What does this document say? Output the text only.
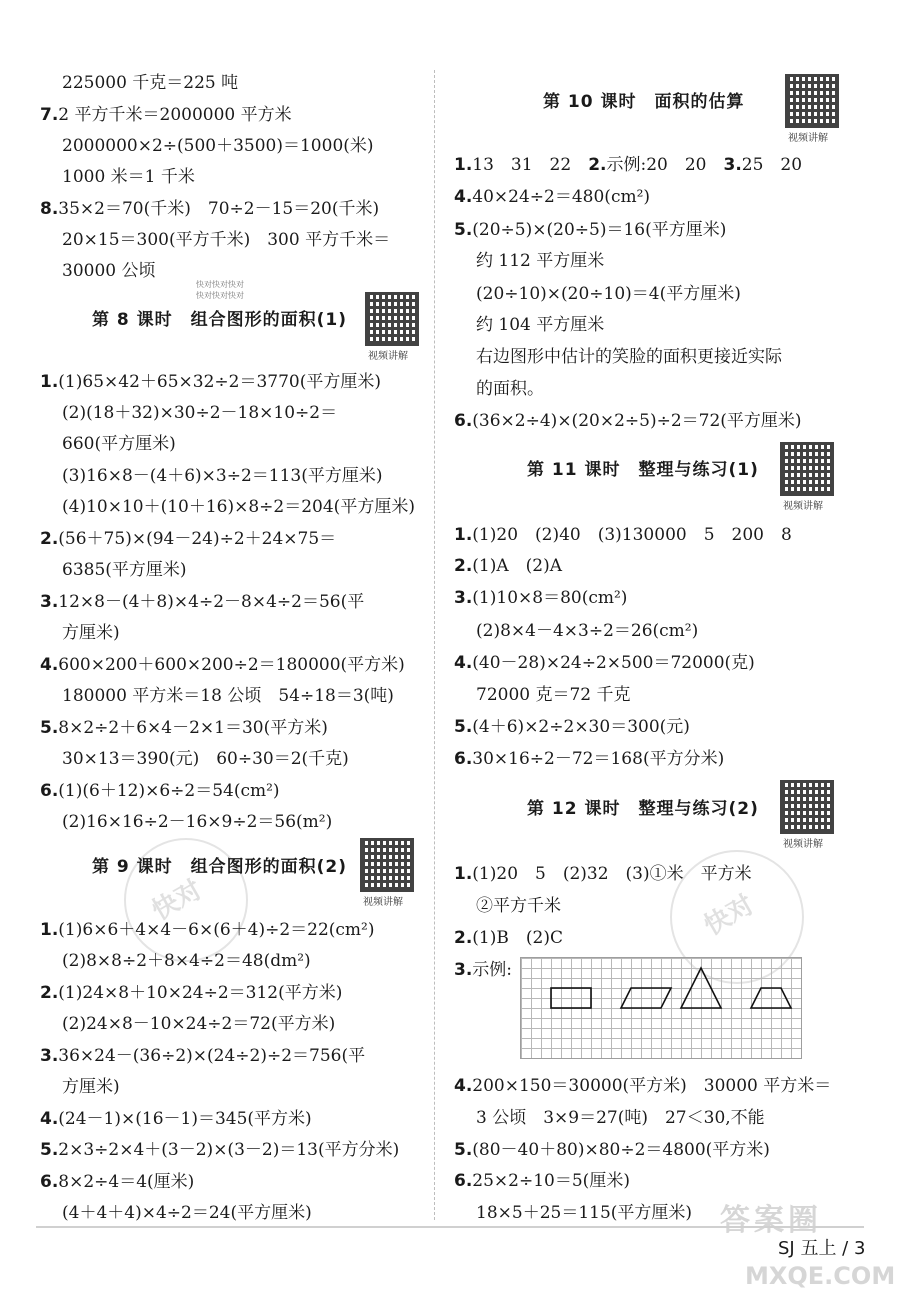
快对	快对
225000 千克＝225 吨
7.2 平方千米＝2000000 平方米
2000000×2÷(500＋3500)＝1000(米)
1000 米＝1 千米
8.35×2＝70(千米)　70÷2－15＝20(千米)
20×15＝300(平方千米)　300 平方千米＝
30000 公顷
快对快对快对
快对快对快对
第 8 课时　组合图形的面积(1)
视频讲解
1.(1)65×42＋65×32÷2＝3770(平方厘米)
(2)(18＋32)×30÷2－18×10÷2＝
660(平方厘米)
(3)16×8－(4＋6)×3÷2＝113(平方厘米)
(4)10×10＋(10＋16)×8÷2＝204(平方厘米)
2.(56＋75)×(94－24)÷2＋24×75＝
6385(平方厘米)
3.12×8－(4＋8)×4÷2－8×4÷2＝56(平
方厘米)
4.600×200＋600×200÷2＝180000(平方米)
180000 平方米＝18 公顷　54÷18＝3(吨)
5.8×2÷2＋6×4－2×1＝30(平方米)
30×13＝390(元)　60÷30＝2(千克)
6.(1)(6＋12)×6÷2＝54(cm²)
(2)16×16÷2－16×9÷2＝56(m²)
第 9 课时　组合图形的面积(2)
视频讲解
1.(1)6×6＋4×4－6×(6＋4)÷2＝22(cm²)
(2)8×8÷2＋8×4÷2＝48(dm²)
2.(1)24×8＋10×24÷2＝312(平方米)
(2)24×8－10×24÷2＝72(平方米)
3.36×24－(36÷2)×(24÷2)÷2＝756(平
方厘米)
4.(24－1)×(16－1)＝345(平方米)
5.2×3÷2×4＋(3－2)×(3－2)＝13(平方分米)
6.8×2÷4＝4(厘米)
(4＋4＋4)×4÷2＝24(平方厘米)
第 10 课时　面积的估算
视频讲解
1.13　31　22　2.示例:20　20　3.25　20
4.40×24÷2＝480(cm²)
5.(20÷5)×(20÷5)＝16(平方厘米)
约 112 平方厘米
(20÷10)×(20÷10)＝4(平方厘米)
约 104 平方厘米
右边图形中估计的笑脸的面积更接近实际
的面积。
6.(36×2÷4)×(20×2÷5)÷2＝72(平方厘米)
第 11 课时　整理与练习(1)
视频讲解
1.(1)20　(2)40　(3)130000　5　200　8
2.(1)A　(2)A
3.(1)10×8＝80(cm²)
(2)8×4－4×3÷2＝26(cm²)
4.(40－28)×24÷2×500＝72000(克)
72000 克＝72 千克
5.(4＋6)×2÷2×30＝300(元)
6.30×16÷2－72＝168(平方分米)
第 12 课时　整理与练习(2)
视频讲解
1.(1)20　5　(2)32　(3)①米　平方米
②平方千米
2.(1)B　(2)C
3.示例:
4.200×150＝30000(平方米)　30000 平方米＝
3 公顷　3×9＝27(吨)　27＜30,不能
5.(80－40＋80)×80÷2＝4800(平方米)
6.25×2÷10＝5(厘米)
18×5＋25＝115(平方厘米) 答案圈
MXQE.COM
SJ 五上 / 3
